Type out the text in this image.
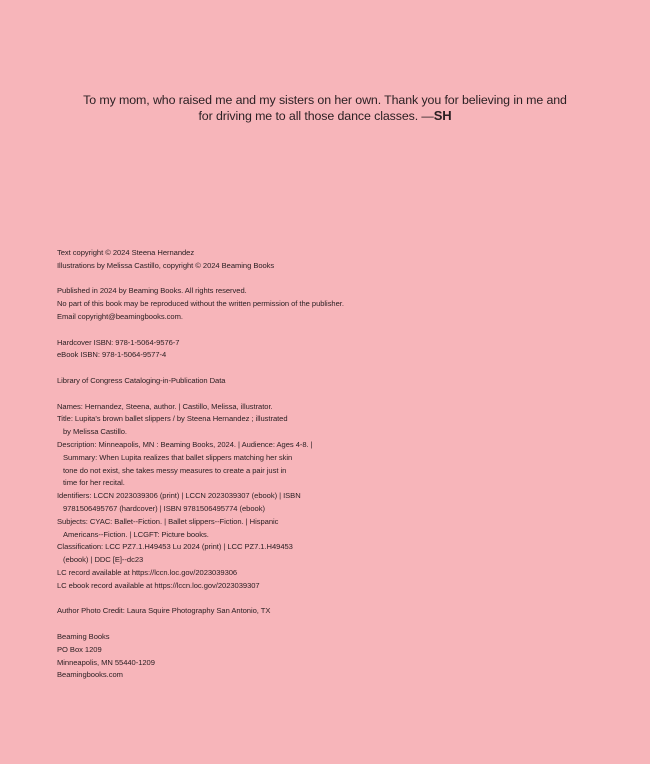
To my mom, who raised me and my sisters on her own. Thank you for believing in me and
for driving me to all those dance classes. —SH
Text copyright © 2024 Steena Hernandez
Illustrations by Melissa Castillo, copyright © 2024 Beaming Books
Published in 2024 by Beaming Books. All rights reserved.
No part of this book may be reproduced without the written permission of the publisher.
Email copyright@beamingbooks.com.
Hardcover ISBN: 978-1-5064-9576-7
eBook ISBN: 978-1-5064-9577-4
Library of Congress Cataloging-in-Publication Data
Names: Hernandez, Steena, author. | Castillo, Melissa, illustrator.
Title: Lupita's brown ballet slippers / by Steena Hernandez ; illustrated
by Melissa Castillo.
Description: Minneapolis, MN : Beaming Books, 2024. | Audience: Ages 4-8. |
Summary: When Lupita realizes that ballet slippers matching her skin
tone do not exist, she takes messy measures to create a pair just in
time for her recital.
Identifiers: LCCN 2023039306 (print) | LCCN 2023039307 (ebook) | ISBN
9781506495767 (hardcover) | ISBN 9781506495774 (ebook)
Subjects: CYAC: Ballet--Fiction. | Ballet slippers--Fiction. | Hispanic
Americans--Fiction. | LCGFT: Picture books.
Classification: LCC PZ7.1.H49453 Lu 2024 (print) | LCC PZ7.1.H49453
(ebook) | DDC [E]--dc23
LC record available at https://lccn.loc.gov/2023039306
LC ebook record available at https://lccn.loc.gov/2023039307
Author Photo Credit: Laura Squire Photography San Antonio, TX
Beaming Books
PO Box 1209
Minneapolis, MN 55440-1209
Beamingbooks.com
